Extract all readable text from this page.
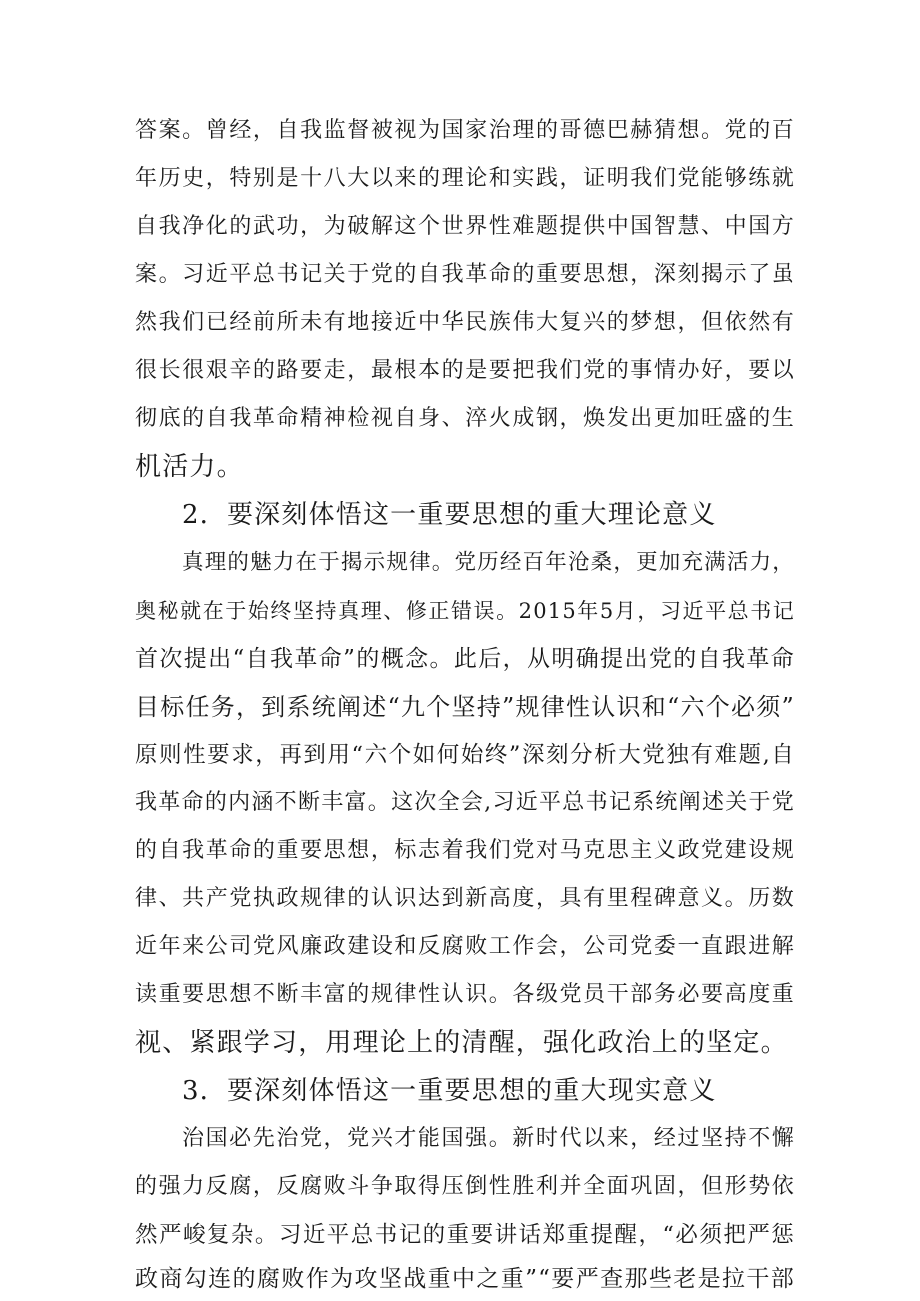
答案。曾经，自我监督被视为国家治理的哥德巴赫猜想。党的百
年历史，特别是十八大以来的理论和实践，证明我们党能够练就
自我净化的武功，为破解这个世界性难题提供中国智慧、中国方
案。习近平总书记关于党的自我革命的重要思想，深刻揭示了虽
然我们已经前所未有地接近中华民族伟大复兴的梦想，但依然有
很长很艰辛的路要走，最根本的是要把我们党的事情办好，要以
彻底的自我革命精神检视自身、淬火成钢，焕发出更加旺盛的生
机活力。
2．要深刻体悟这一重要思想的重大理论意义
真理的魅力在于揭示规律。党历经百年沧桑，更加充满活力，
奥秘就在于始终坚持真理、修正错误。2015年5月，习近平总书记
首次提出“自我革命”的概念。此后，从明确提出党的自我革命
目标任务，到系统阐述“九个坚持”规律性认识和“六个必须”
原则性要求，再到用“六个如何始终”深刻分析大党独有难题,自
我革命的内涵不断丰富。这次全会,习近平总书记系统阐述关于党
的自我革命的重要思想，标志着我们党对马克思主义政党建设规
律、共产党执政规律的认识达到新高度，具有里程碑意义。历数
近年来公司党风廉政建设和反腐败工作会，公司党委一直跟进解
读重要思想不断丰富的规律性认识。各级党员干部务必要高度重
视、紧跟学习，用理论上的清醒，强化政治上的坚定。
3．要深刻体悟这一重要思想的重大现实意义
治国必先治党，党兴才能国强。新时代以来，经过坚持不懈
的强力反腐，反腐败斗争取得压倒性胜利并全面巩固，但形势依
然严峻复杂。习近平总书记的重要讲话郑重提醒，“必须把严惩
政商勾连的腐败作为攻坚战重中之重”“要严查那些老是拉干部
